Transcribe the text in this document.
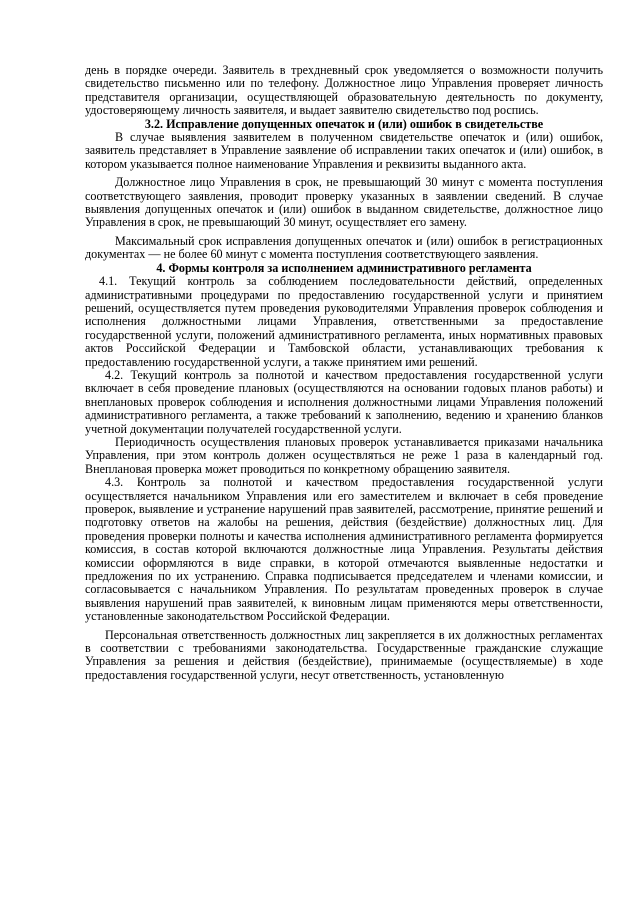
день в порядке очереди. Заявитель в трехдневный срок уведомляется о возможности получить свидетельство письменно или по телефону. Должностное лицо Управления проверяет личность представителя организации, осуществляющей образовательную деятельность по документу, удостоверяющему личность заявителя, и выдает заявителю свидетельство под роспись.

3.2. Исправление допущенных опечаток и (или) ошибок в свидетельстве

В случае выявления заявителем в полученном свидетельстве опечаток и (или) ошибок, заявитель представляет в Управление заявление об исправлении таких опечаток и (или) ошибок, в котором указывается полное наименование Управления и реквизиты выданного акта.

Должностное лицо Управления в срок, не превышающий 30 минут с момента поступления соответствующего заявления, проводит проверку указанных в заявлении сведений. В случае выявления допущенных опечаток и (или) ошибок в выданном свидетельстве, должностное лицо Управления в срок, не превышающий 30 минут, осуществляет его замену.

Максимальный срок исправления допущенных опечаток и (или) ошибок в регистрационных документах — не более 60 минут с момента поступления соответствующего заявления.

4. Формы контроля за исполнением административного регламента

4.1. Текущий контроль за соблюдением последовательности действий, определенных административными процедурами по предоставлению государственной услуги и принятием решений, осуществляется путем проведения руководителями Управления проверок соблюдения и исполнения должностными лицами Управления, ответственными за предоставление государственной услуги, положений административного регламента, иных нормативных правовых актов Российской Федерации и Тамбовской области, устанавливающих требования к предоставлению государственной услуги, а также принятием ими решений.

4.2. Текущий контроль за полнотой и качеством предоставления государственной услуги включает в себя проведение плановых (осуществляются на основании годовых планов работы) и внеплановых проверок соблюдения и исполнения должностными лицами Управления положений административного регламента, а также требований к заполнению, ведению и хранению бланков учетной документации получателей государственной услуги.

Периодичность осуществления плановых проверок устанавливается приказами начальника Управления, при этом контроль должен осуществляться не реже 1 раза в календарный год. Внеплановая проверка может проводиться по конкретному обращению заявителя.

4.3. Контроль за полнотой и качеством предоставления государственной услуги осуществляется начальником Управления или его заместителем и включает в себя проведение проверок, выявление и устранение нарушений прав заявителей, рассмотрение, принятие решений и подготовку ответов на жалобы на решения, действия (бездействие) должностных лиц. Для проведения проверки полноты и качества исполнения административного регламента формируется комиссия, в состав которой включаются должностные лица Управления. Результаты действия комиссии оформляются в виде справки, в которой отмечаются выявленные недостатки и предложения по их устранению. Справка подписывается председателем и членами комиссии, и согласовывается с начальником Управления. По результатам проведенных проверок в случае выявления нарушений прав заявителей, к виновным лицам применяются меры ответственности, установленные законодательством Российской Федерации.

Персональная ответственность должностных лиц закрепляется в их должностных регламентах в соответствии с требованиями законодательства. Государственные гражданские служащие Управления за решения и действия (бездействие), принимаемые (осуществляемые) в ходе предоставления государственной услуги, несут ответственность, установленную
